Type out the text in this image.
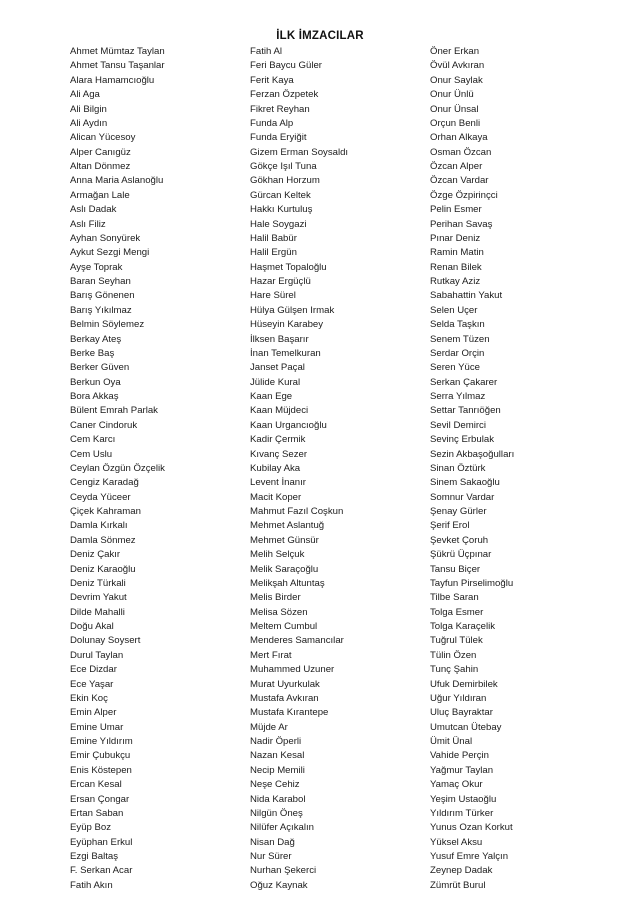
İLK İMZACILAR
Ahmet Mümtaz Taylan
Ahmet Tansu Taşanlar
Alara Hamamcıoğlu
Ali Aga
Ali Bilgin
Ali Aydın
Alican Yücesoy
Alper Canıgüz
Altan Dönmez
Anna Maria Aslanoğlu
Armağan Lale
Aslı Dadak
Aslı Filiz
Ayhan Sonyürek
Aykut Sezgi Mengi
Ayşe Toprak
Baran Seyhan
Barış Gönenen
Barış Yıkılmaz
Belmin Söylemez
Berkay Ateş
Berke Baş
Berker Güven
Berkun Oya
Bora Akkaş
Bülent Emrah Parlak
Caner Cindoruk
Cem Karcı
Cem Uslu
Ceylan Özgün Özçelik
Cengiz Karadağ
Ceyda Yüceer
Çiçek Kahraman
Damla Kırkalı
Damla Sönmez
Deniz Çakır
Deniz Karaoğlu
Deniz Türkali
Devrim Yakut
Dilde Mahalli
Doğu Akal
Dolunay Soysert
Durul Taylan
Ece Dizdar
Ece Yaşar
Ekin Koç
Emin Alper
Emine Umar
Emine Yıldırım
Emir Çubukçu
Enis Köstepen
Ercan Kesal
Ersan Çongar
Ertan Saban
Eyüp Boz
Eyüphan Erkul
Ezgi Baltaş
F. Serkan Acar
Fatih Akın
Fatih Al
Feri Baycu Güler
Ferit Kaya
Ferzan Özpetek
Fikret Reyhan
Funda Alp
Funda Eryiğit
Gizem Erman Soysaldı
Gökçe Işıl Tuna
Gökhan Horzum
Gürcan Keltek
Hakkı Kurtuluş
Hale Soygazi
Halil Babür
Halil Ergün
Haşmet Topaloğlu
Hazar Ergüçlü
Hare Sürel
Hülya Gülşen Irmak
Hüseyin Karabey
İlksen Başarır
İnan Temelkuran
Janset Paçal
Jülide Kural
Kaan Ege
Kaan Müjdeci
Kaan Urgancıoğlu
Kadir Çermik
Kıvanç Sezer
Kubilay Aka
Levent İnanır
Macit Koper
Mahmut Fazıl Coşkun
Mehmet Aslantuğ
Mehmet Günsür
Melih Selçuk
Melik Saraçoğlu
Melikşah Altuntaş
Melis Birder
Melisa Sözen
Meltem Cumbul
Menderes Samancılar
Mert Fırat
Muhammed Uzuner
Murat Uyurkulak
Mustafa Avkıran
Mustafa Kırantepe
Müjde Ar
Nadir Öperli
Nazan Kesal
Necip Memili
Neşe Cehiz
Nida Karabol
Nilgün Öneş
Nilüfer Açıkalın
Nisan Dağ
Nur Sürer
Nurhan Şekerci
Oğuz Kaynak
Öner Erkan
Övül Avkıran
Onur Saylak
Onur Ünlü
Onur Ünsal
Orçun Benli
Orhan Alkaya
Osman Özcan
Özcan Alper
Özcan Vardar
Özge Özpirinçci
Pelin Esmer
Perihan Savaş
Pınar Deniz
Ramin Matin
Renan Bilek
Rutkay Aziz
Sabahattin Yakut
Selen Uçer
Selda Taşkın
Senem Tüzen
Serdar Orçin
Seren Yüce
Serkan Çakarer
Serra Yılmaz
Settar Tanrıöğen
Sevil Demirci
Sevinç Erbulak
Sezin Akbaşoğulları
Sinan Öztürk
Sinem Sakaoğlu
Somnur Vardar
Şenay Gürler
Şerif Erol
Şevket Çoruh
Şükrü Üçpınar
Tansu Biçer
Tayfun Pirselimoğlu
Tilbe Saran
Tolga Esmer
Tolga Karaçelik
Tuğrul Tülek
Tülin Özen
Tunç Şahin
Ufuk Demirbilek
Uğur Yıldıran
Uluç Bayraktar
Umutcan Ütebay
Ümit Ünal
Vahide Perçin
Yağmur Taylan
Yamaç Okur
Yeşim Ustaoğlu
Yıldırım Türker
Yunus Ozan Korkut
Yüksel Aksu
Yusuf Emre Yalçın
Zeynep Dadak
Zümrüt Burul
